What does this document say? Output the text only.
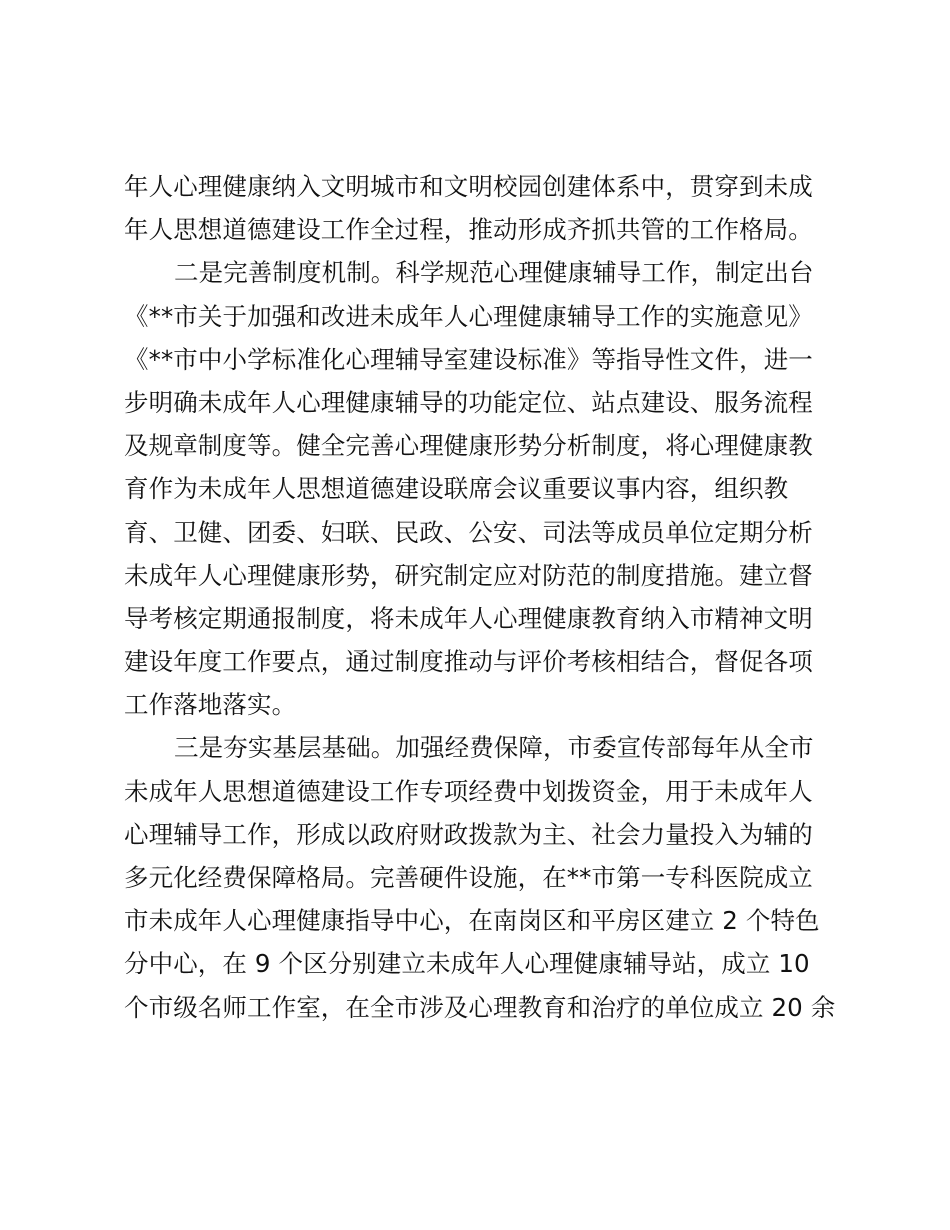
年人心理健康纳入文明城市和文明校园创建体系中，贯穿到未成
年人思想道德建设工作全过程，推动形成齐抓共管的工作格局。
二是完善制度机制。科学规范心理健康辅导工作，制定出台
《**市关于加强和改进未成年人心理健康辅导工作的实施意见》
《**市中小学标准化心理辅导室建设标准》等指导性文件，进一
步明确未成年人心理健康辅导的功能定位、站点建设、服务流程
及规章制度等。健全完善心理健康形势分析制度，将心理健康教
育作为未成年人思想道德建设联席会议重要议事内容，组织教
育、卫健、团委、妇联、民政、公安、司法等成员单位定期分析
未成年人心理健康形势，研究制定应对防范的制度措施。建立督
导考核定期通报制度，将未成年人心理健康教育纳入市精神文明
建设年度工作要点，通过制度推动与评价考核相结合，督促各项
工作落地落实。
三是夯实基层基础。加强经费保障，市委宣传部每年从全市
未成年人思想道德建设工作专项经费中划拨资金，用于未成年人
心理辅导工作，形成以政府财政拨款为主、社会力量投入为辅的
多元化经费保障格局。完善硬件设施，在**市第一专科医院成立
市未成年人心理健康指导中心，在南岗区和平房区建立 2 个特色
分中心，在 9 个区分别建立未成年人心理健康辅导站，成立 10
个市级名师工作室，在全市涉及心理教育和治疗的单位成立 20 余
